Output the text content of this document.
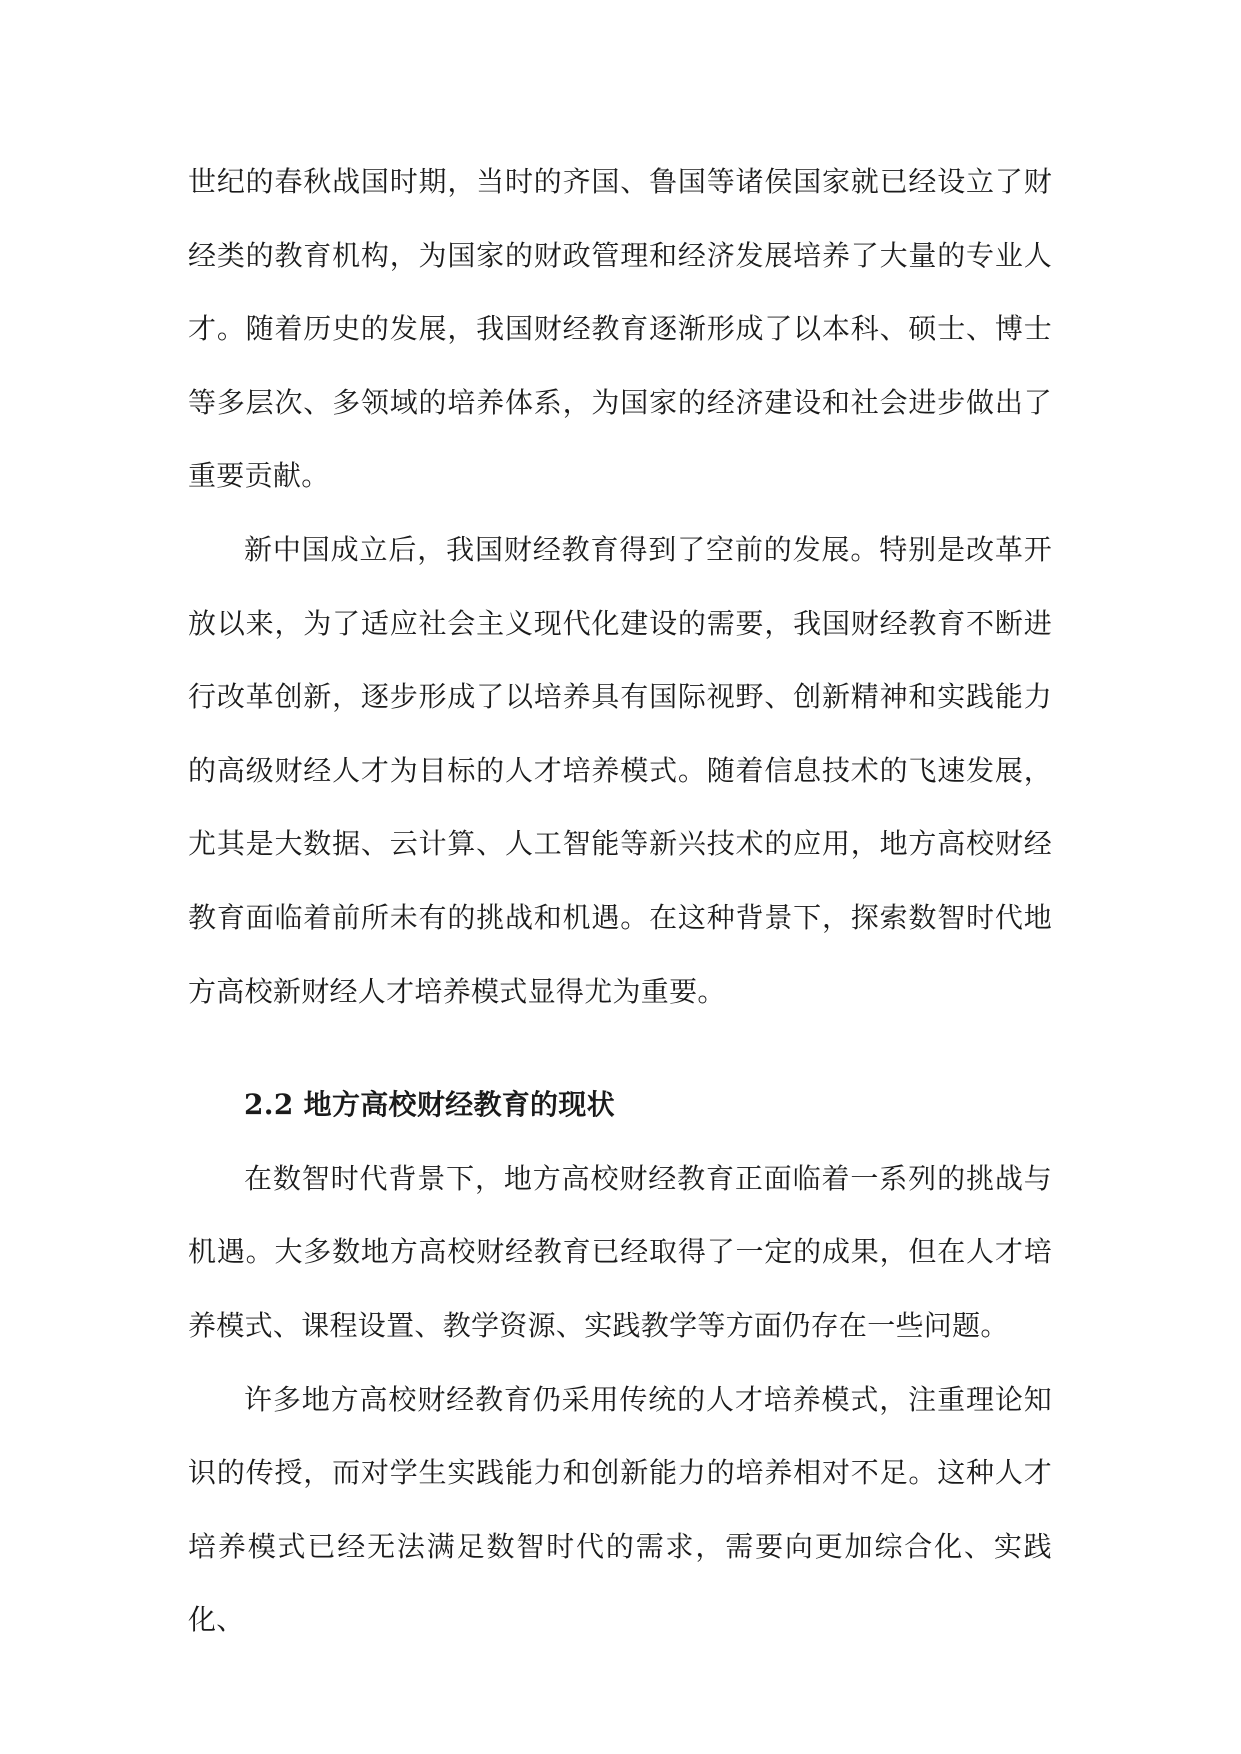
世纪的春秋战国时期，当时的齐国、鲁国等诸侯国家就已经设立了财经类的教育机构，为国家的财政管理和经济发展培养了大量的专业人才。随着历史的发展，我国财经教育逐渐形成了以本科、硕士、博士等多层次、多领域的培养体系，为国家的经济建设和社会进步做出了重要贡献。

新中国成立后，我国财经教育得到了空前的发展。特别是改革开放以来，为了适应社会主义现代化建设的需要，我国财经教育不断进行改革创新，逐步形成了以培养具有国际视野、创新精神和实践能力的高级财经人才为目标的人才培养模式。随着信息技术的飞速发展，尤其是大数据、云计算、人工智能等新兴技术的应用，地方高校财经教育面临着前所未有的挑战和机遇。在这种背景下，探索数智时代地方高校新财经人才培养模式显得尤为重要。

2.2 地方高校财经教育的现状

在数智时代背景下，地方高校财经教育正面临着一系列的挑战与机遇。大多数地方高校财经教育已经取得了一定的成果，但在人才培养模式、课程设置、教学资源、实践教学等方面仍存在一些问题。

许多地方高校财经教育仍采用传统的人才培养模式，注重理论知识的传授，而对学生实践能力和创新能力的培养相对不足。这种人才培养模式已经无法满足数智时代的需求，需要向更加综合化、实践化、
